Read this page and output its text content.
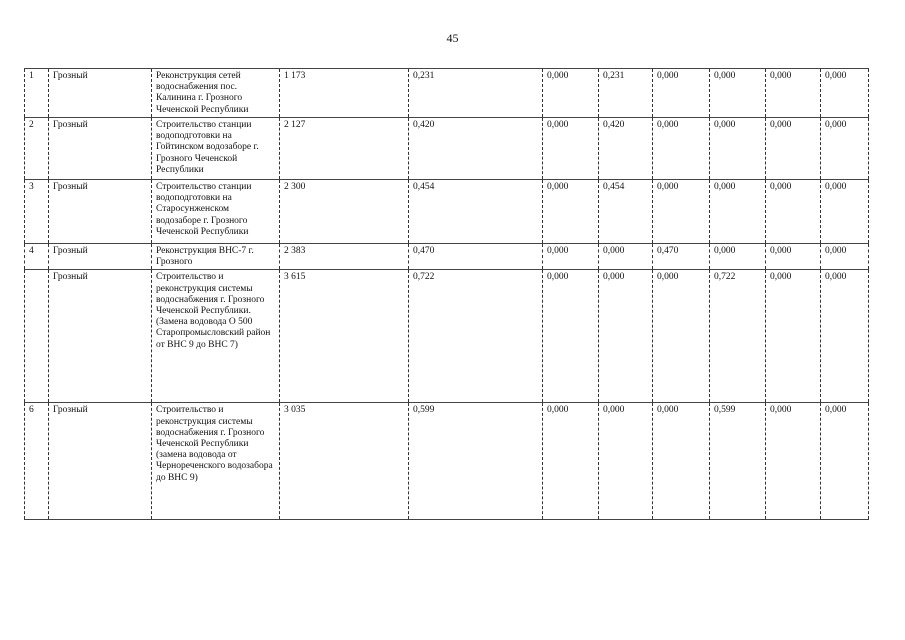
45
1	Грозный	Реконструкция сетей водоснабжения пос. Калинина г. Грозного Чеченской Республики	1 173	0,231	0,000	0,231	0,000	0,000	0,000	0,000
2	Грозный	Строительство станции водоподготовки на Гойтинском водозаборе г. Грозного Чеченской Республики	2 127	0,420	0,000	0,420	0,000	0,000	0,000	0,000
3	Грозный	Строительство станции водоподготовки на Старосунженском водозаборе г. Грозного Чеченской Республики	2 300	0,454	0,000	0,454	0,000	0,000	0,000	0,000
4	Грозный	Реконструкция ВНС-7 г. Грозного	2 383	0,470	0,000	0,000	0,470	0,000	0,000	0,000
	Грозный	Строительство и реконструкция системы водоснабжения г. Грозного Чеченской Республики. (Замена водовода О 500 Старопромысловский район от ВНС 9 до ВНС 7)	3 615	0,722	0,000	0,000	0,000	0,722	0,000	0,000
6	Грозный	Строительство и реконструкция системы водоснабжения г. Грозного Чеченской Республики (замена водовода от Чернореченского водозабора до ВНС 9)	3 035	0,599	0,000	0,000	0,000	0,599	0,000	0,000
